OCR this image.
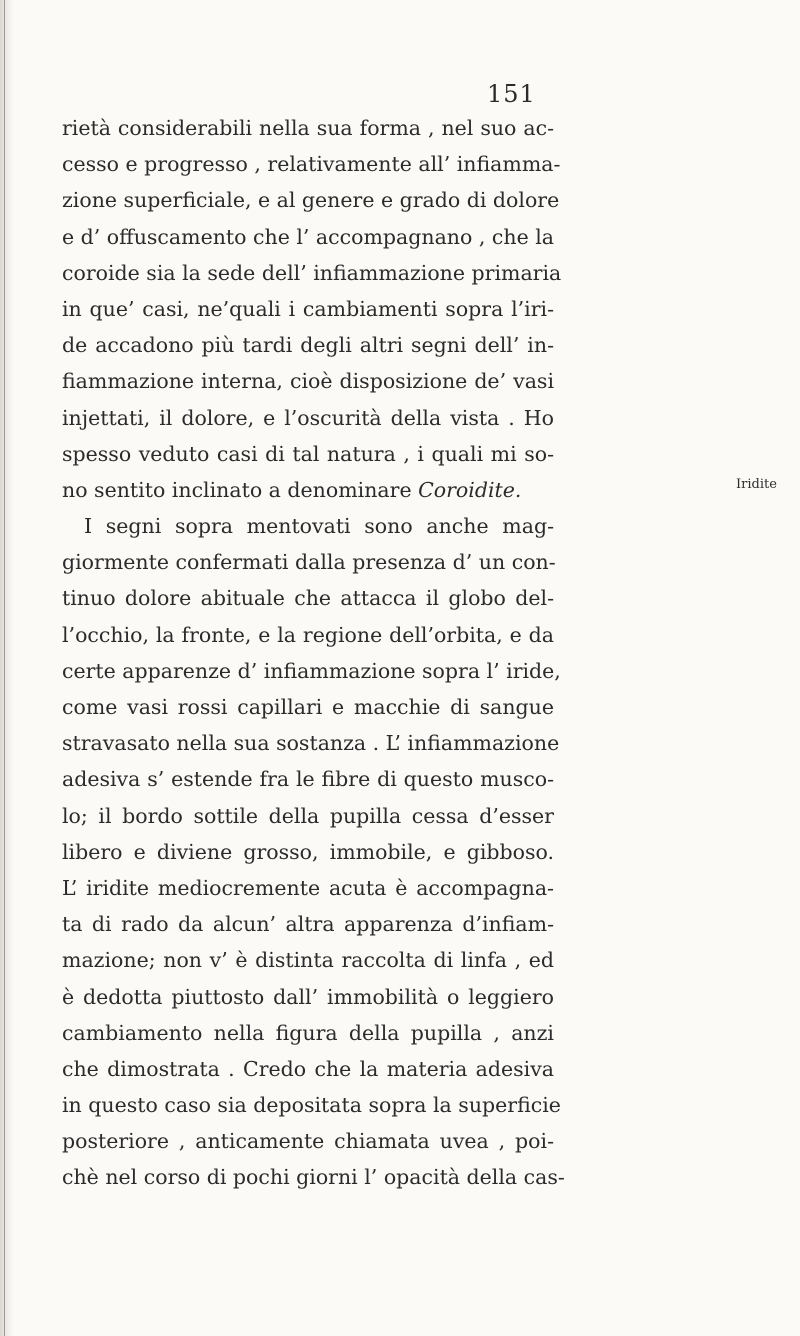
151
rietà considerabili nella sua forma , nel suo ac-
cesso e progresso , relativamente all’ infiamma-
zione superficiale, e al genere e grado di dolore
e d’ offuscamento che l’ accompagnano , che la
coroide sia la sede dell’ infiammazione primaria
in que’ casi, ne’quali i cambiamenti sopra l’iri-
de accadono più tardi degli altri segni dell’ in-
fiammazione interna, cioè disposizione de’ vasi
injettati, il dolore, e l’oscurità della vista . Ho
spesso veduto casi di tal natura , i quali mi so-
no sentito inclinato a denominare Coroidite.
I segni sopra mentovati sono anche mag-
giormente confermati dalla presenza d’ un con-
tinuo dolore abituale che attacca il globo del-
l’occhio, la fronte, e la regione dell’orbita, e da
certe apparenze d’ infiammazione sopra l’ iride,
come vasi rossi capillari e macchie di sangue
stravasato nella sua sostanza . L’ infiammazione
adesiva s’ estende fra le fibre di questo musco-
lo; il bordo sottile della pupilla cessa d’esser
libero e diviene grosso, immobile, e gibboso.
L’ iridite mediocremente acuta è accompagna-
ta di rado da alcun’ altra apparenza d’infiam-
mazione; non v’ è distinta raccolta di linfa , ed
è dedotta piuttosto dall’ immobilità o leggiero
cambiamento nella figura della pupilla , anzi
che dimostrata . Credo che la materia adesiva
in questo caso sia depositata sopra la superficie
posteriore , anticamente chiamata uvea , poi-
chè nel corso di pochi giorni l’ opacità della cas-
Iridite
